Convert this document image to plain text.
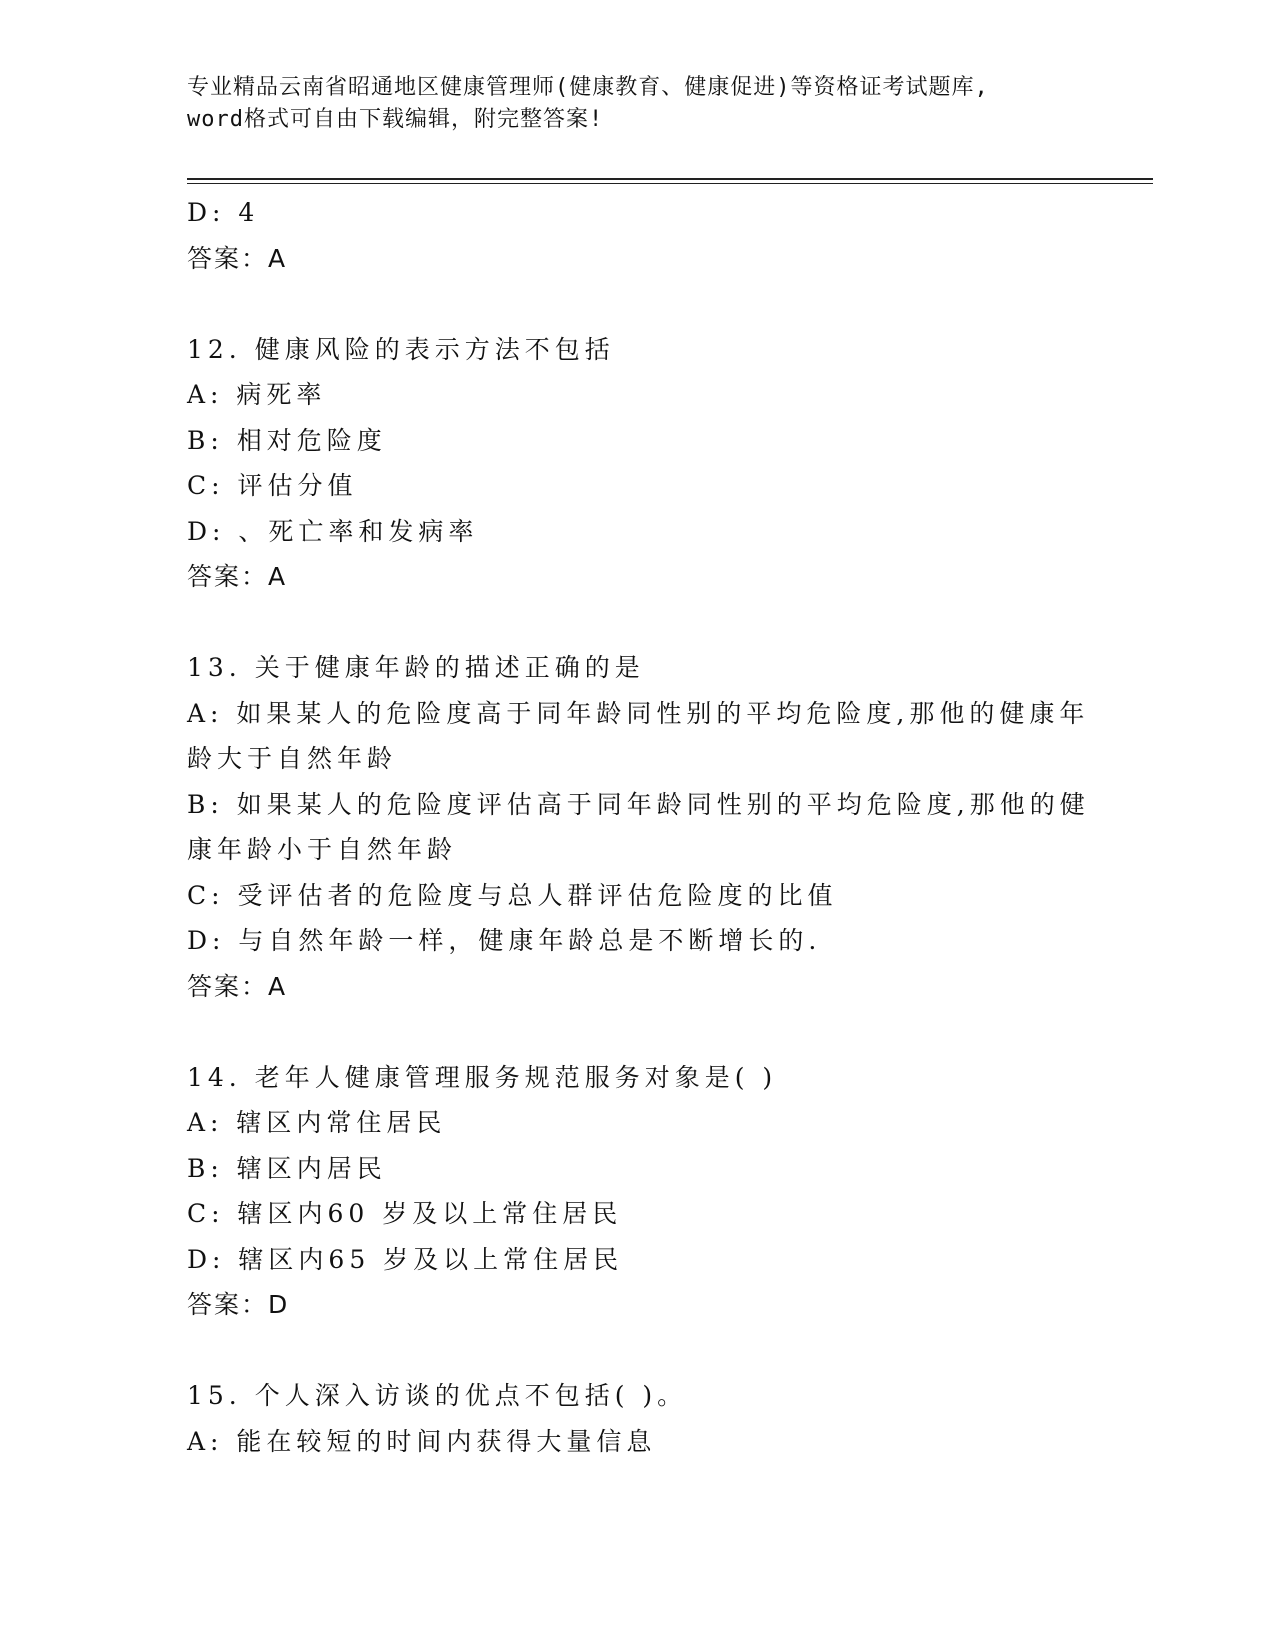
专业精品云南省昭通地区健康管理师(健康教育、健康促进)等资格证考试题库,
word格式可自由下载编辑，附完整答案!
D: 4
答案：A
12. 健康风险的表示方法不包括
A: 病死率
B: 相对危险度
C: 评估分值
D: 、死亡率和发病率
答案：A
13. 关于健康年龄的描述正确的是
A: 如果某人的危险度高于同年龄同性别的平均危险度,那他的健康年
龄大于自然年龄
B: 如果某人的危险度评估高于同年龄同性别的平均危险度,那他的健
康年龄小于自然年龄
C: 受评估者的危险度与总人群评估危险度的比值
D: 与自然年龄一样，健康年龄总是不断增长的.
答案：A
14. 老年人健康管理服务规范服务对象是( )
A: 辖区内常住居民
B: 辖区内居民
C: 辖区内60 岁及以上常住居民
D: 辖区内65 岁及以上常住居民
答案：D
15. 个人深入访谈的优点不包括( )。
A: 能在较短的时间内获得大量信息
